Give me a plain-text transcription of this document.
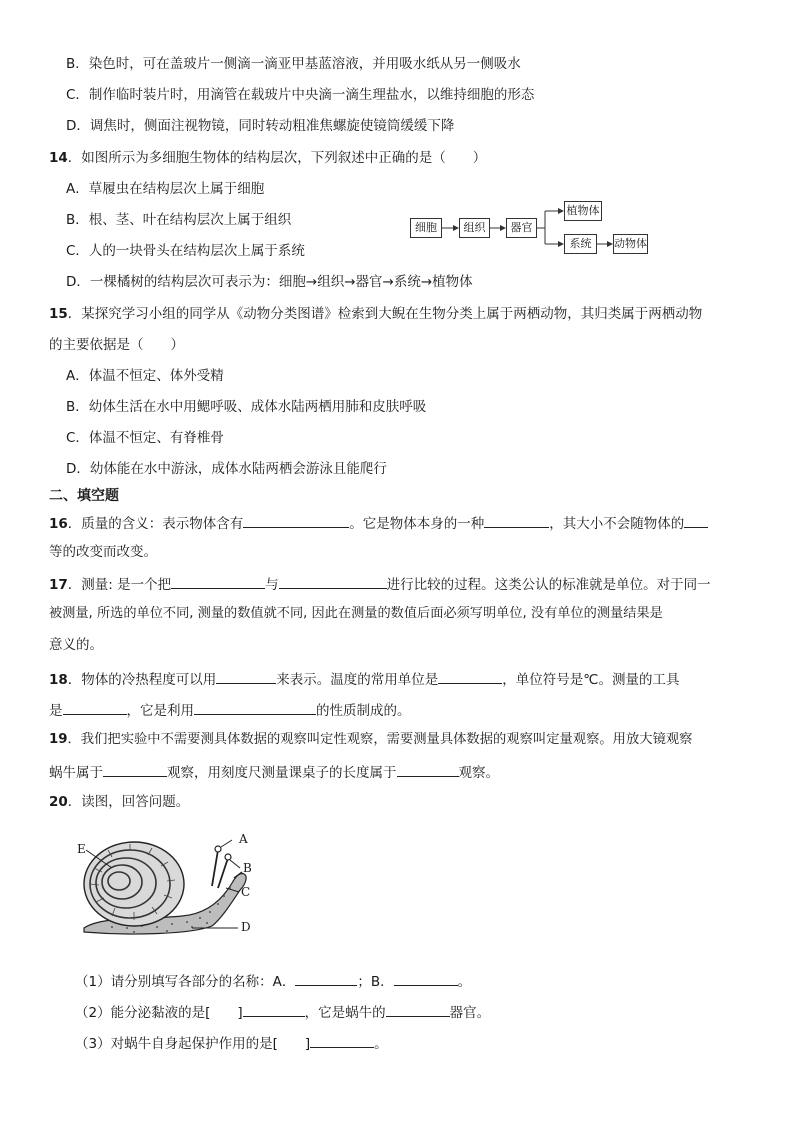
B．染色时，可在盖玻片一侧滴一滴亚甲基蓝溶液，并用吸水纸从另一侧吸水
C．制作临时装片时，用滴管在载玻片中央滴一滴生理盐水，以维持细胞的形态
D．调焦时，侧面注视物镜，同时转动粗准焦螺旋使镜筒缓缓下降
14．如图所示为多细胞生物体的结构层次，下列叙述中正确的是（　　）
A．草履虫在结构层次上属于细胞
B．根、茎、叶在结构层次上属于组织
C．人的一块骨头在结构层次上属于系统
D．一棵橘树的结构层次可表示为：细胞→组织→器官→系统→植物体
细胞	组织	器官
植物体
系统	动物体
15．某探究学习小组的同学从《动物分类图谱》检索到大鲵在生物分类上属于两栖动物，其归类属于两栖动物
的主要依据是（　　）
A．体温不恒定、体外受精
B．幼体生活在水中用鳃呼吸、成体水陆两栖用肺和皮肤呼吸
C．体温不恒定、有脊椎骨
D．幼体能在水中游泳，成体水陆两栖会游泳且能爬行
二、填空题
16．质量的含义：表示物体含有	。它是物体本身的一种	，其大小不会随物体的
等的改变而改变。
17．测量: 是一个把	与	进行比较的过程。这类公认的标准就是单位。对于同一
被测量, 所选的单位不同, 测量的数值就不同, 因此在测量的数值后面必须写明单位, 没有单位的测量结果是
意义的。
18．物体的冷热程度可以用	来表示。温度的常用单位是	，单位符号是℃。测量的工具
是	，它是利用	的性质制成的。
19．我们把实验中不需要测具体数据的观察叫定性观察，需要测量具体数据的观察叫定量观察。用放大镜观察
蜗牛属于	观察，用刻度尺测量课桌子的长度属于	观察。
20．读图，回答问题。
A
B
C
D
E
（1）请分别填写各部分的名称：A．	；B．	。
（2）能分泌黏液的是[　　]	，它是蜗牛的	器官。
（3）对蜗牛自身起保护作用的是[　　]	。
